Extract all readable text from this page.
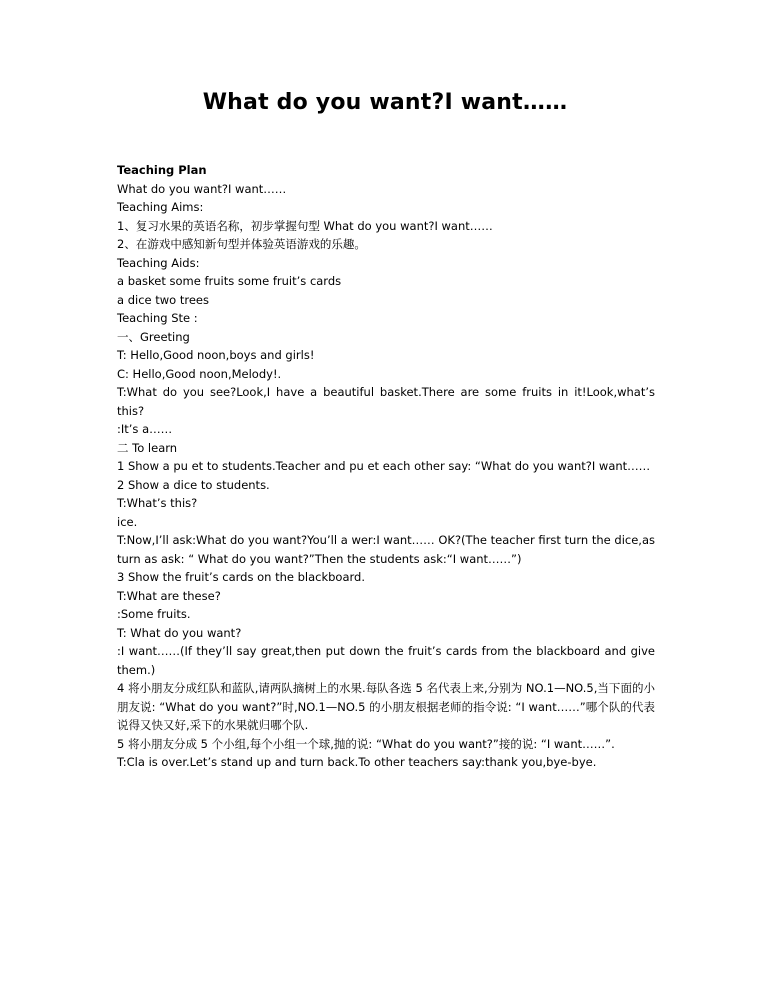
What do you want?I want……

Teaching Plan

What do you want?I want……

Teaching Aims:

1、复习水果的英语名称，初步掌握句型 What do you want?I want……

2、在游戏中感知新句型并体验英语游戏的乐趣。

Teaching Aids:

a basket some fruits some fruit’s cards

a dice two trees

Teaching Ste :

一、Greeting

T: Hello,Good noon,boys and girls!

C: Hello,Good noon,Melody!.

T:What do you see?Look,I have a beautiful basket.There are some fruits in it!Look,what’s this?

:It’s a……

二 To learn

1 Show a pu et to students.Teacher and pu et each other say: “What do you want?I want……

2 Show a dice to students.

T:What’s this?

ice.

T:Now,I’ll ask:What do you want?You’ll a wer:I want…… OK?(The teacher first turn the dice,as turn as ask: “ What do you want?”Then the students ask:“I want……”)

3 Show the fruit’s cards on the blackboard.

T:What are these?

:Some fruits.

T: What do you want?

:I want……(If they’ll say great,then put down the fruit’s cards from the blackboard and give them.)

4 将小朋友分成红队和蓝队,请两队摘树上的水果.每队各选 5 名代表上来,分别为 NO.1—NO.5,当下面的小朋友说: “What do you want?”时,NO.1—NO.5 的小朋友根据老师的指令说: “I want……”哪个队的代表说得又快又好,采下的水果就归哪个队.

5 将小朋友分成 5 个小组,每个小组一个球,抛的说: “What do you want?”接的说: “I want……”.

T:Cla is over.Let’s stand up and turn back.To other teachers say:thank you,bye-bye.
